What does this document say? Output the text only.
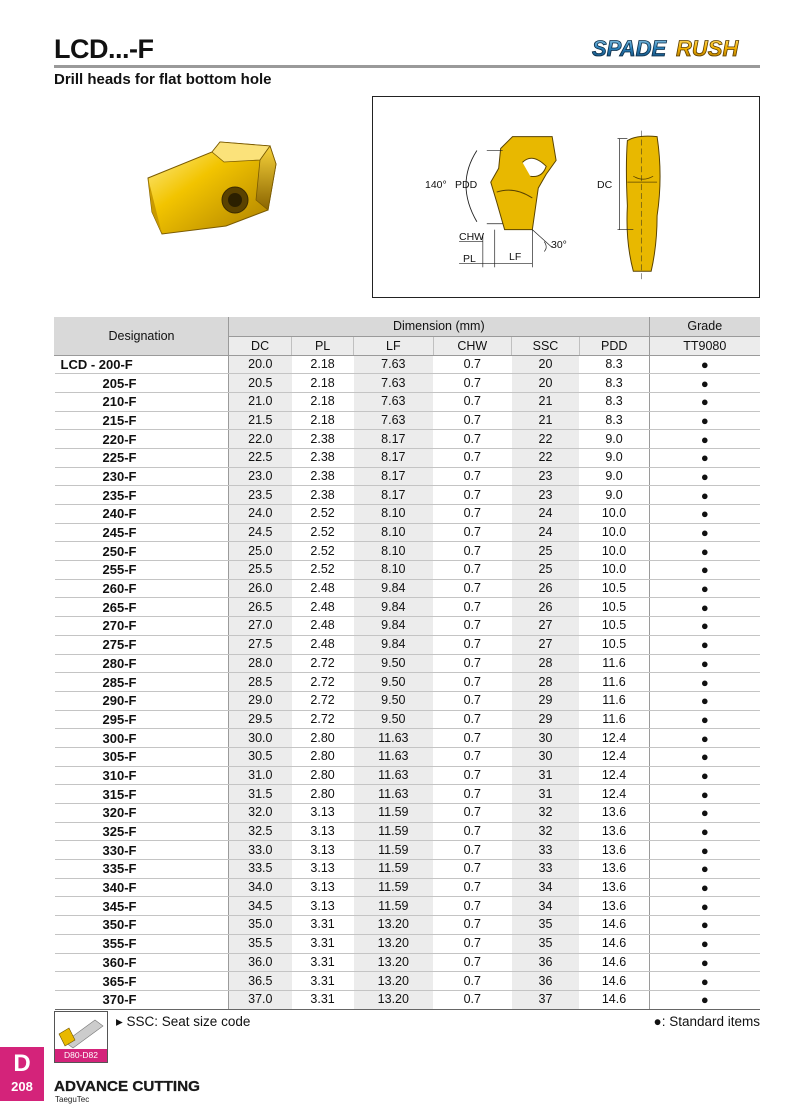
LCD...-F
Drill heads for flat bottom hole
SPADE RUSH
140° PDD
CHW
PL	LF
30°
DC
Designation	Dimension (mm)						Grade
	DC	PL	LF	CHW	SSC	PDD	TT9080
LCD - 200-F	20.0	2.18	7.63	0.7	20	8.3	●
205-F	20.5	2.18	7.63	0.7	20	8.3	●
210-F	21.0	2.18	7.63	0.7	21	8.3	●
215-F	21.5	2.18	7.63	0.7	21	8.3	●
220-F	22.0	2.38	8.17	0.7	22	9.0	●
225-F	22.5	2.38	8.17	0.7	22	9.0	●
230-F	23.0	2.38	8.17	0.7	23	9.0	●
235-F	23.5	2.38	8.17	0.7	23	9.0	●
240-F	24.0	2.52	8.10	0.7	24	10.0	●
245-F	24.5	2.52	8.10	0.7	24	10.0	●
250-F	25.0	2.52	8.10	0.7	25	10.0	●
255-F	25.5	2.52	8.10	0.7	25	10.0	●
260-F	26.0	2.48	9.84	0.7	26	10.5	●
265-F	26.5	2.48	9.84	0.7	26	10.5	●
270-F	27.0	2.48	9.84	0.7	27	10.5	●
275-F	27.5	2.48	9.84	0.7	27	10.5	●
280-F	28.0	2.72	9.50	0.7	28	11.6	●
285-F	28.5	2.72	9.50	0.7	28	11.6	●
290-F	29.0	2.72	9.50	0.7	29	11.6	●
295-F	29.5	2.72	9.50	0.7	29	11.6	●
300-F	30.0	2.80	11.63	0.7	30	12.4	●
305-F	30.5	2.80	11.63	0.7	30	12.4	●
310-F	31.0	2.80	11.63	0.7	31	12.4	●
315-F	31.5	2.80	11.63	0.7	31	12.4	●
320-F	32.0	3.13	11.59	0.7	32	13.6	●
325-F	32.5	3.13	11.59	0.7	32	13.6	●
330-F	33.0	3.13	11.59	0.7	33	13.6	●
335-F	33.5	3.13	11.59	0.7	33	13.6	●
340-F	34.0	3.13	11.59	0.7	34	13.6	●
345-F	34.5	3.13	11.59	0.7	34	13.6	●
350-F	35.0	3.31	13.20	0.7	35	14.6	●
355-F	35.5	3.31	13.20	0.7	35	14.6	●
360-F	36.0	3.31	13.20	0.7	36	14.6	●
365-F	36.5	3.31	13.20	0.7	36	14.6	●
370-F	37.0	3.31	13.20	0.7	37	14.6	●
D80-D82
▸ SSC: Seat size code	●: Standard items
D
208	ADVANCE CUTTING
TaeguTec
